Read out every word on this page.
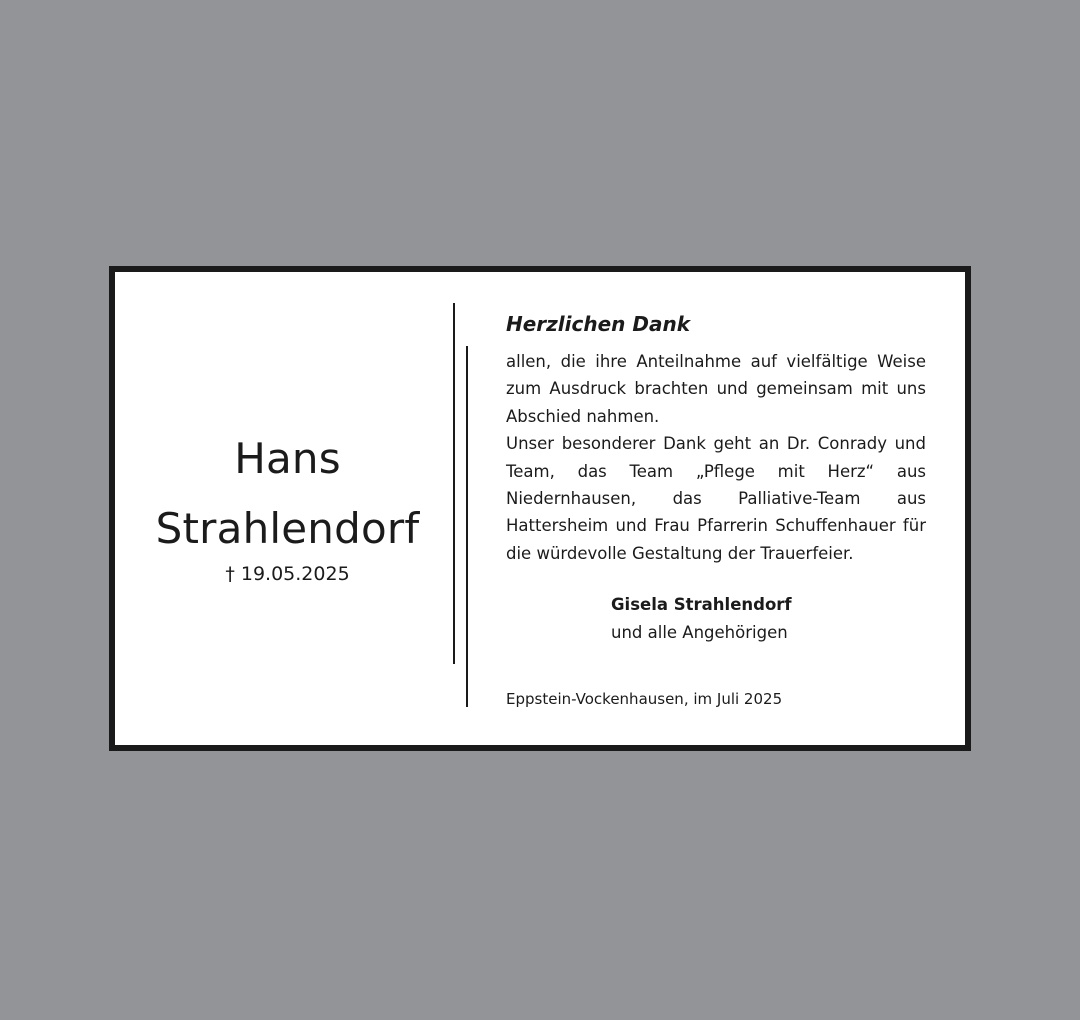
Hans
Strahlendorf
† 19.05.2025
Herzlichen Dank

allen, die ihre Anteilnahme auf vielfältige Weise zum Ausdruck brachten und gemeinsam mit uns Abschied nahmen.

Unser besonderer Dank geht an Dr. Conrady und Team, das Team „Pflege mit Herz“ aus Niedernhausen, das Palliative-Team aus Hattersheim und Frau Pfarrerin Schuffenhauer für die würdevolle Gestaltung der Trauerfeier.

Gisela Strahlendorf
und alle Angehörigen
Eppstein-Vockenhausen, im Juli 2025
